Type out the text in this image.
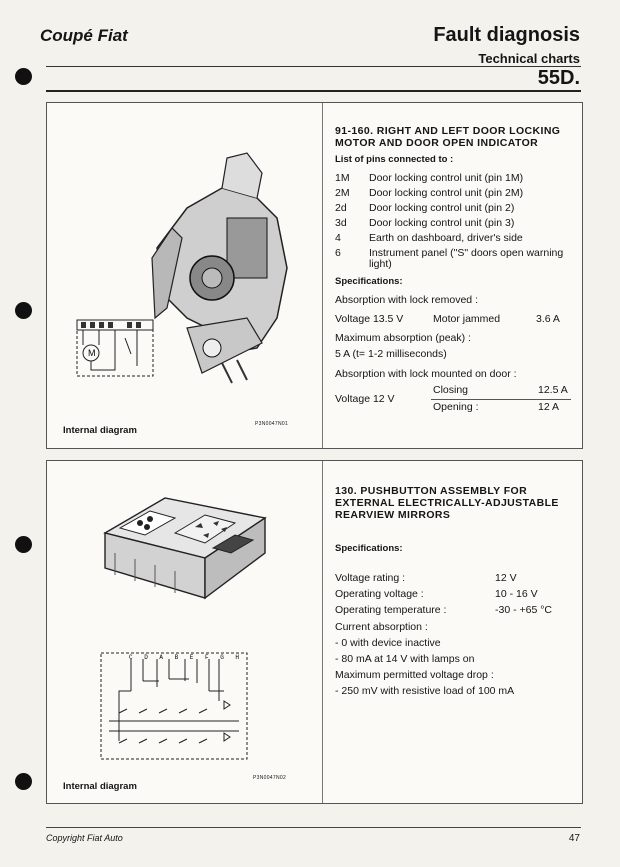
Coupé Fiat	Fault diagnosis
Technical charts
55D.
M
Internal diagram
P3N0047N01
91-160. RIGHT AND LEFT DOOR LOCKING MOTOR AND DOOR OPEN INDICATOR
List of pins connected to :
1M Door locking control unit (pin 1M)
2M Door locking control unit (pin 2M)
2d Door locking control unit (pin 2)
3d Door locking control unit (pin 3)
4	Earth on dashboard, driver's side
6	Instrument panel ("S" doors open warning light)
Specifications:
Absorption with lock removed :
Voltage 13.5 V	Motor jammed	3.6 A
Maximum absorption (peak) :
5 A (t= 1-2 milliseconds)
Absorption with lock mounted on door :
Voltage 12 V
Closing	12.5 A
Opening :	12 A
C D A B E F G H
Internal diagram
P3N0047N02
130. PUSHBUTTON ASSEMBLY FOR EXTERNAL ELECTRICALLY-ADJUSTABLE REARVIEW MIRRORS
Specifications:
Voltage rating :	12 V
Operating voltage :	10 - 16 V
Operating temperature :	-30 - +65 °C
Current absorption :
- 0 with device inactive
- 80 mA at 14 V with lamps on
Maximum permitted voltage drop :
- 250 mV with resistive load of 100 mA
Copyright Fiat Auto	47
